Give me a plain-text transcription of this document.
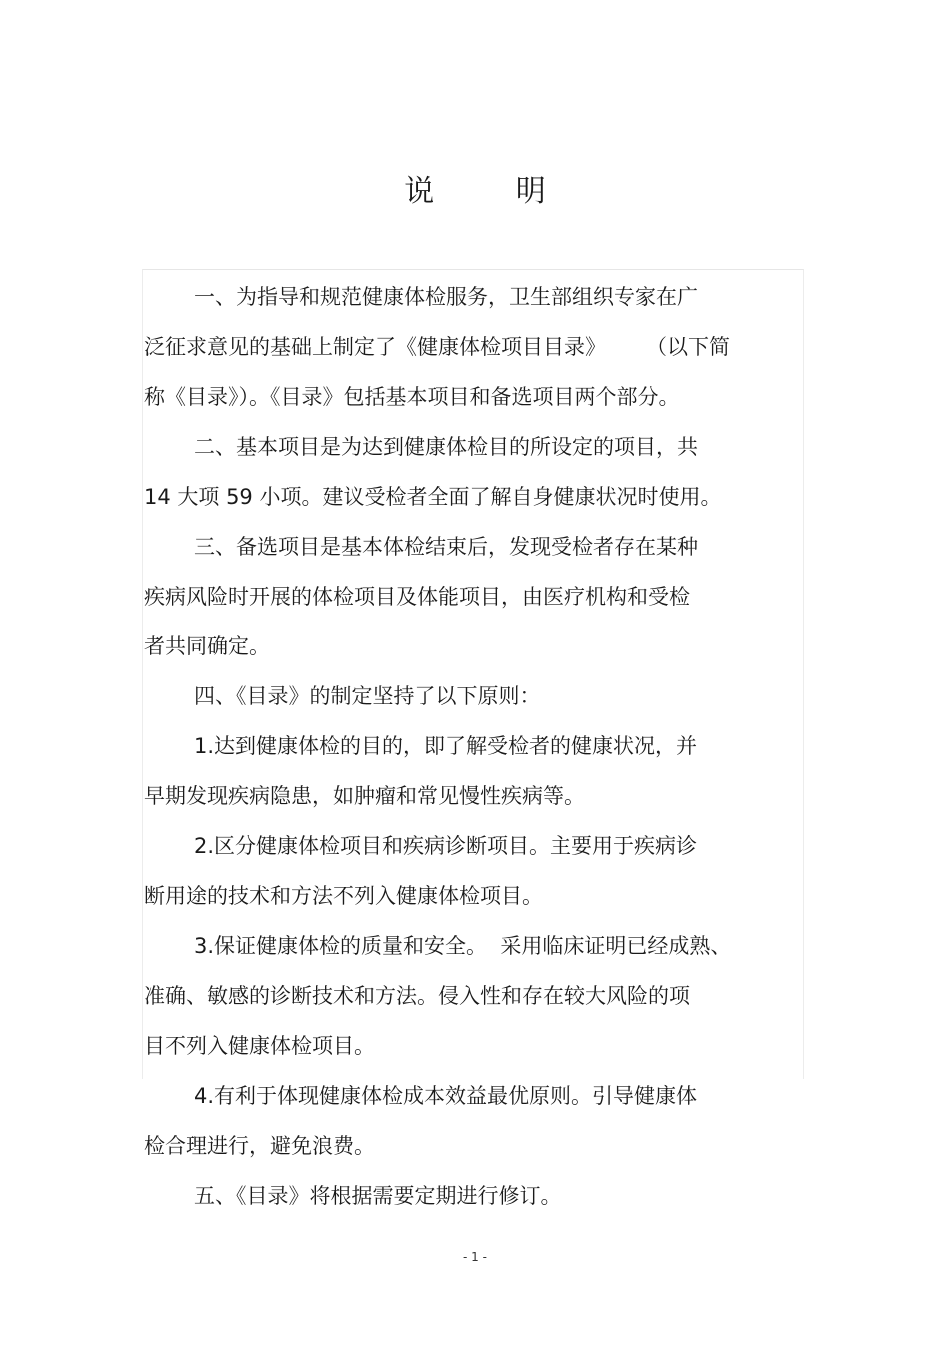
说 明
一、为指导和规范健康体检服务，卫生部组织专家在广
泛征求意见的基础上制定了《健康体检项目目录》      （以下简
称《目录》）。《目录》包括基本项目和备选项目两个部分。
二、基本项目是为达到健康体检目的所设定的项目，共
14 大项 59 小项。建议受检者全面了解自身健康状况时使用。
三、备选项目是基本体检结束后，发现受检者存在某种
疾病风险时开展的体检项目及体能项目，由医疗机构和受检
者共同确定。
四、《目录》的制定坚持了以下原则：
1.达到健康体检的目的，即了解受检者的健康状况，并
早期发现疾病隐患，如肿瘤和常见慢性疾病等。
2.区分健康体检项目和疾病诊断项目。主要用于疾病诊
断用途的技术和方法不列入健康体检项目。
3.保证健康体检的质量和安全。  采用临床证明已经成熟、
准确、敏感的诊断技术和方法。侵入性和存在较大风险的项
目不列入健康体检项目。
4.有利于体现健康体检成本效益最优原则。引导健康体
检合理进行，避免浪费。
五、《目录》将根据需要定期进行修订。
- 1 -
